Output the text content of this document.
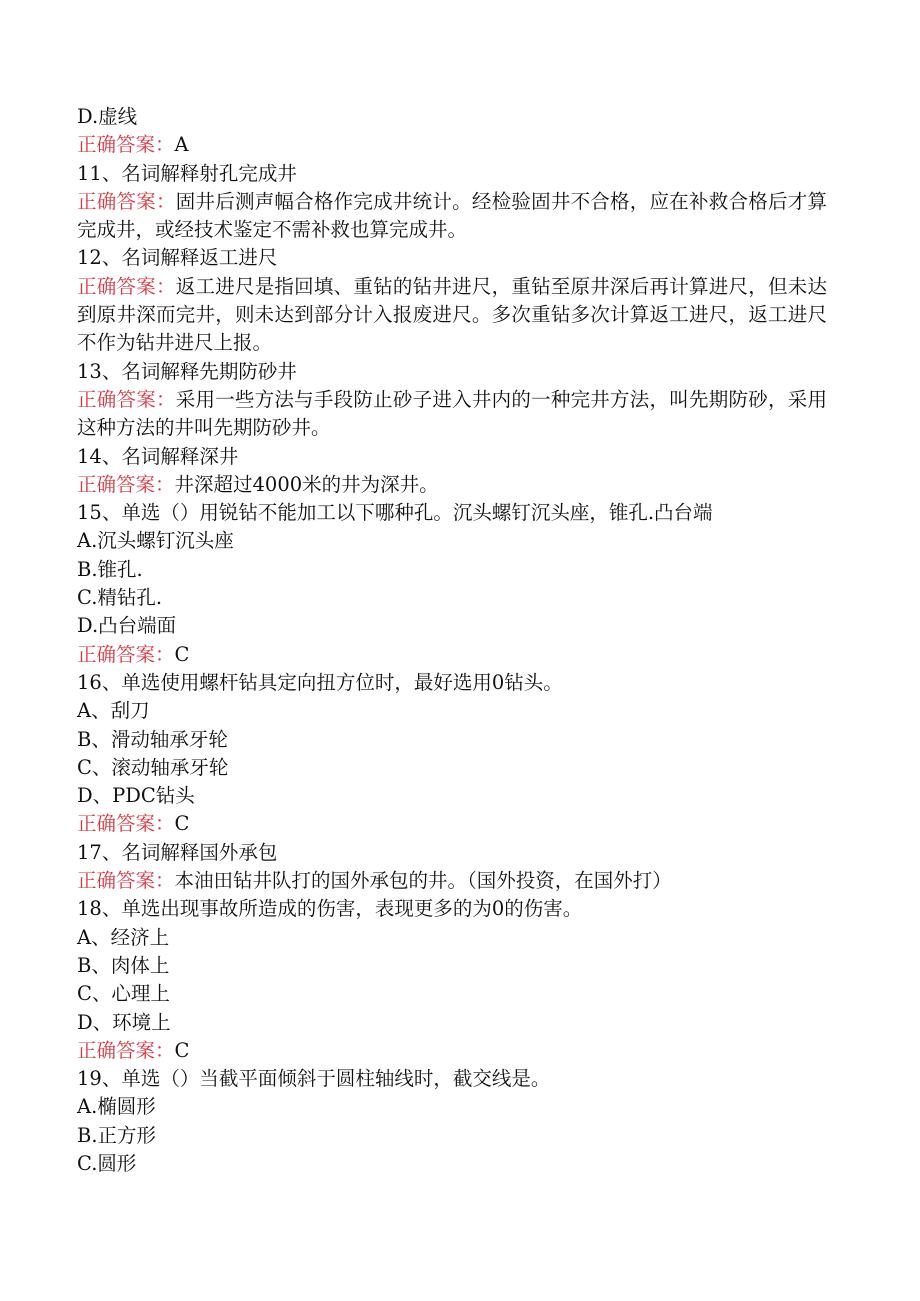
D.虚线

正确答案：A

11、名词解释射孔完成井

正确答案：固井后测声幅合格作完成井统计。经检验固井不合格，应在补救合格后才算完成井，或经技术鉴定不需补救也算完成井。

12、名词解释返工进尺

正确答案：返工进尺是指回填、重钻的钻井进尺，重钻至原井深后再计算进尺，但未达到原井深而完井，则未达到部分计入报废进尺。多次重钻多次计算返工进尺，返工进尺不作为钻井进尺上报。

13、名词解释先期防砂井

正确答案：采用一些方法与手段防止砂子进入井内的一种完井方法，叫先期防砂，采用这种方法的井叫先期防砂井。

14、名词解释深井

正确答案：井深超过4000米的井为深井。

15、单选（）用锐钻不能加工以下哪种孔。沉头螺钉沉头座，锥孔.凸台端

A.沉头螺钉沉头座

B.锥孔.

C.精钻孔.

D.凸台端面

正确答案：C

16、单选使用螺杆钻具定向扭方位时，最好选用0钻头。

A、刮刀

B、滑动轴承牙轮

C、滚动轴承牙轮

D、PDC钻头

正确答案：C

17、名词解释国外承包

正确答案：本油田钻井队打的国外承包的井。（国外投资，在国外打）

18、单选出现事故所造成的伤害，表现更多的为0的伤害。

A、经济上

B、肉体上

C、心理上

D、环境上

正确答案：C

19、单选（）当截平面倾斜于圆柱轴线时，截交线是。

A.椭圆形

B.正方形

C.圆形
